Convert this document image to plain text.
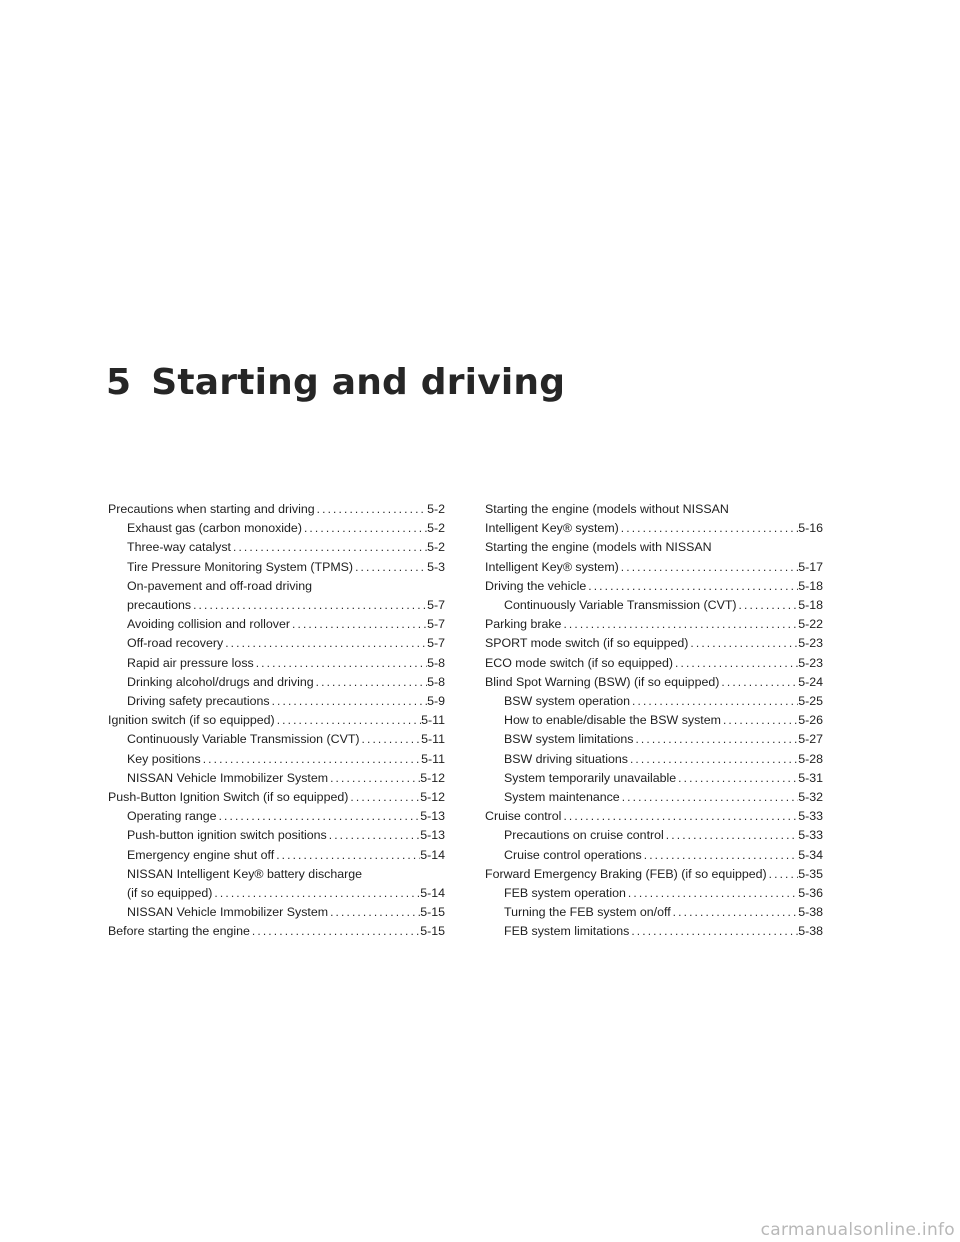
5 Starting and driving
Precautions when starting and driving . . .	5-2
Exhaust gas (carbon monoxide) . . .	5-2
Three-way catalyst . . .	5-2
Tire Pressure Monitoring System (TPMS) . . .	5-3
On-pavement and off-road driving
precautions . . .	5-7
Avoiding collision and rollover . . .	5-7
Off-road recovery . . .	5-7
Rapid air pressure loss . . .	5-8
Drinking alcohol/drugs and driving . . .	5-8
Driving safety precautions . . .	5-9
Ignition switch (if so equipped) . . .	5-11
Continuously Variable Transmission (CVT) . . .	5-11
Key positions . . .	5-11
NISSAN Vehicle Immobilizer System . . .	5-12
Push-Button Ignition Switch (if so equipped) . . .	5-12
Operating range . . .	5-13
Push-button ignition switch positions . . .	5-13
Emergency engine shut off . . .	5-14
NISSAN Intelligent Key® battery discharge
(if so equipped) . . .	5-14
NISSAN Vehicle Immobilizer System . . .	5-15
Before starting the engine . . .	5-15
Starting the engine (models without NISSAN
Intelligent Key® system) . . .	5-16
Starting the engine (models with NISSAN
Intelligent Key® system) . . .	5-17
Driving the vehicle . . .	5-18
Continuously Variable Transmission (CVT) . . .	5-18
Parking brake . . .	5-22
SPORT mode switch (if so equipped) . . .	5-23
ECO mode switch (if so equipped) . . .	5-23
Blind Spot Warning (BSW) (if so equipped) . . .	5-24
BSW system operation . . .	5-25
How to enable/disable the BSW system . . .	5-26
BSW system limitations . . .	5-27
BSW driving situations . . .	5-28
System temporarily unavailable . . .	5-31
System maintenance . . .	5-32
Cruise control . . .	5-33
Precautions on cruise control . . .	5-33
Cruise control operations . . .	5-34
Forward Emergency Braking (FEB) (if so equipped) . . .	5-35
FEB system operation . . .	5-36
Turning the FEB system on/off . . .	5-38
FEB system limitations . . .	5-38
carmanualsonline.info
